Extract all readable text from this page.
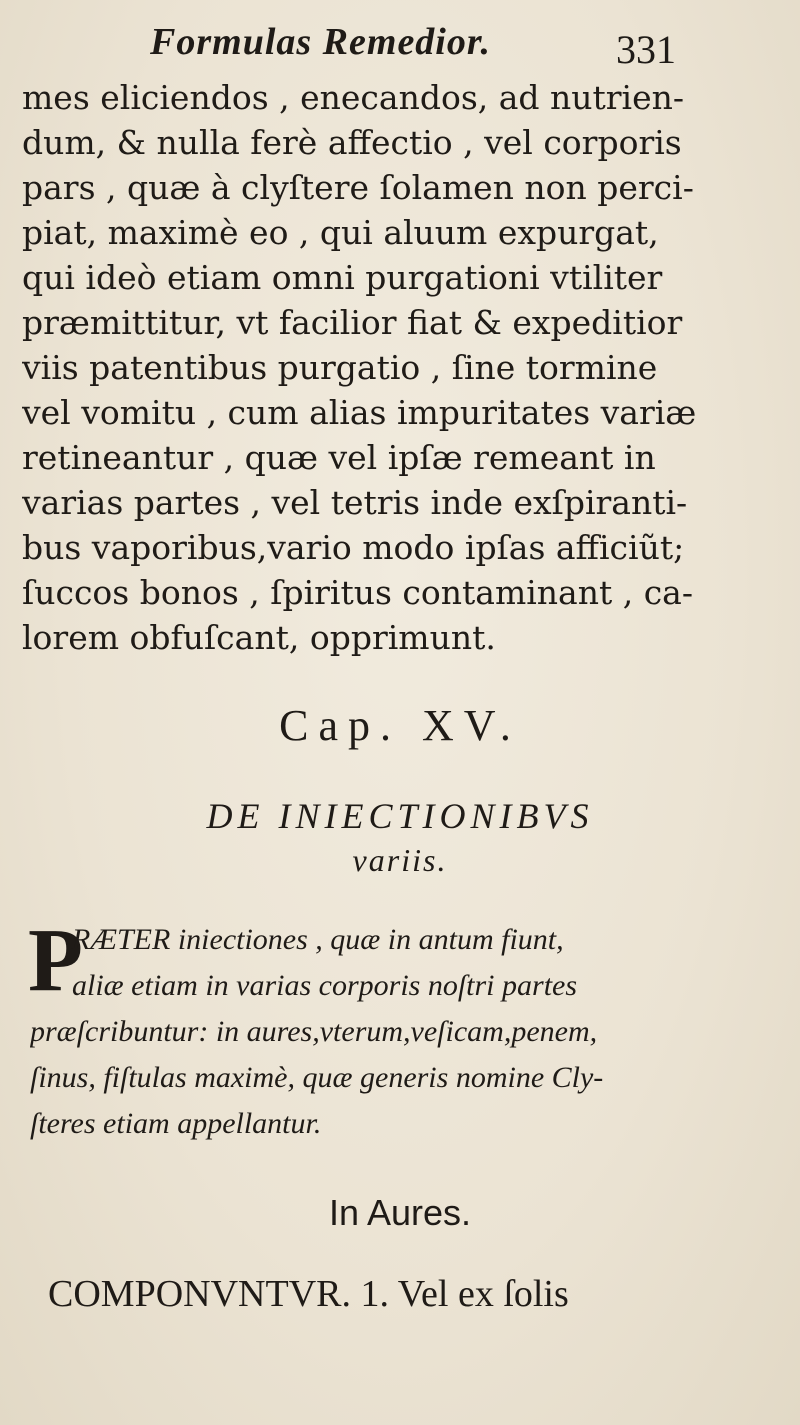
Formulas Remedior.	331
mes eliciendos , enecandos, ad nutrien-
dum, & nulla ferè affectio , vel corporis
pars , quæ à clyſtere ſolamen non perci-
piat, maximè eo , qui aluum expurgat,
qui ideò etiam omni purgationi vtiliter
præmittitur, vt facilior fiat & expeditior
viis patentibus purgatio , ſine tormine
vel vomitu , cum alias impuritates variæ
retineantur , quæ vel ipſæ remeant in
varias partes , vel tetris inde exſpiranti-
bus vaporibus,vario modo ipſas afficiũt;
ſuccos bonos , ſpiritus contaminant , ca-
lorem obfuſcant, opprimunt.
Cap. XV.
DE INIECTIONIBVS
variis.
P
RÆTER iniectiones , quæ in antum fiunt,
aliæ etiam in varias corporis noſtri partes
præſcribuntur: in aures,vterum,veſicam,penem,
ſinus, fiſtulas maximè, quæ generis nomine Cly-
ſteres etiam appellantur.
In Aures.
COMPONVNTVR. 1. Vel ex ſolis
